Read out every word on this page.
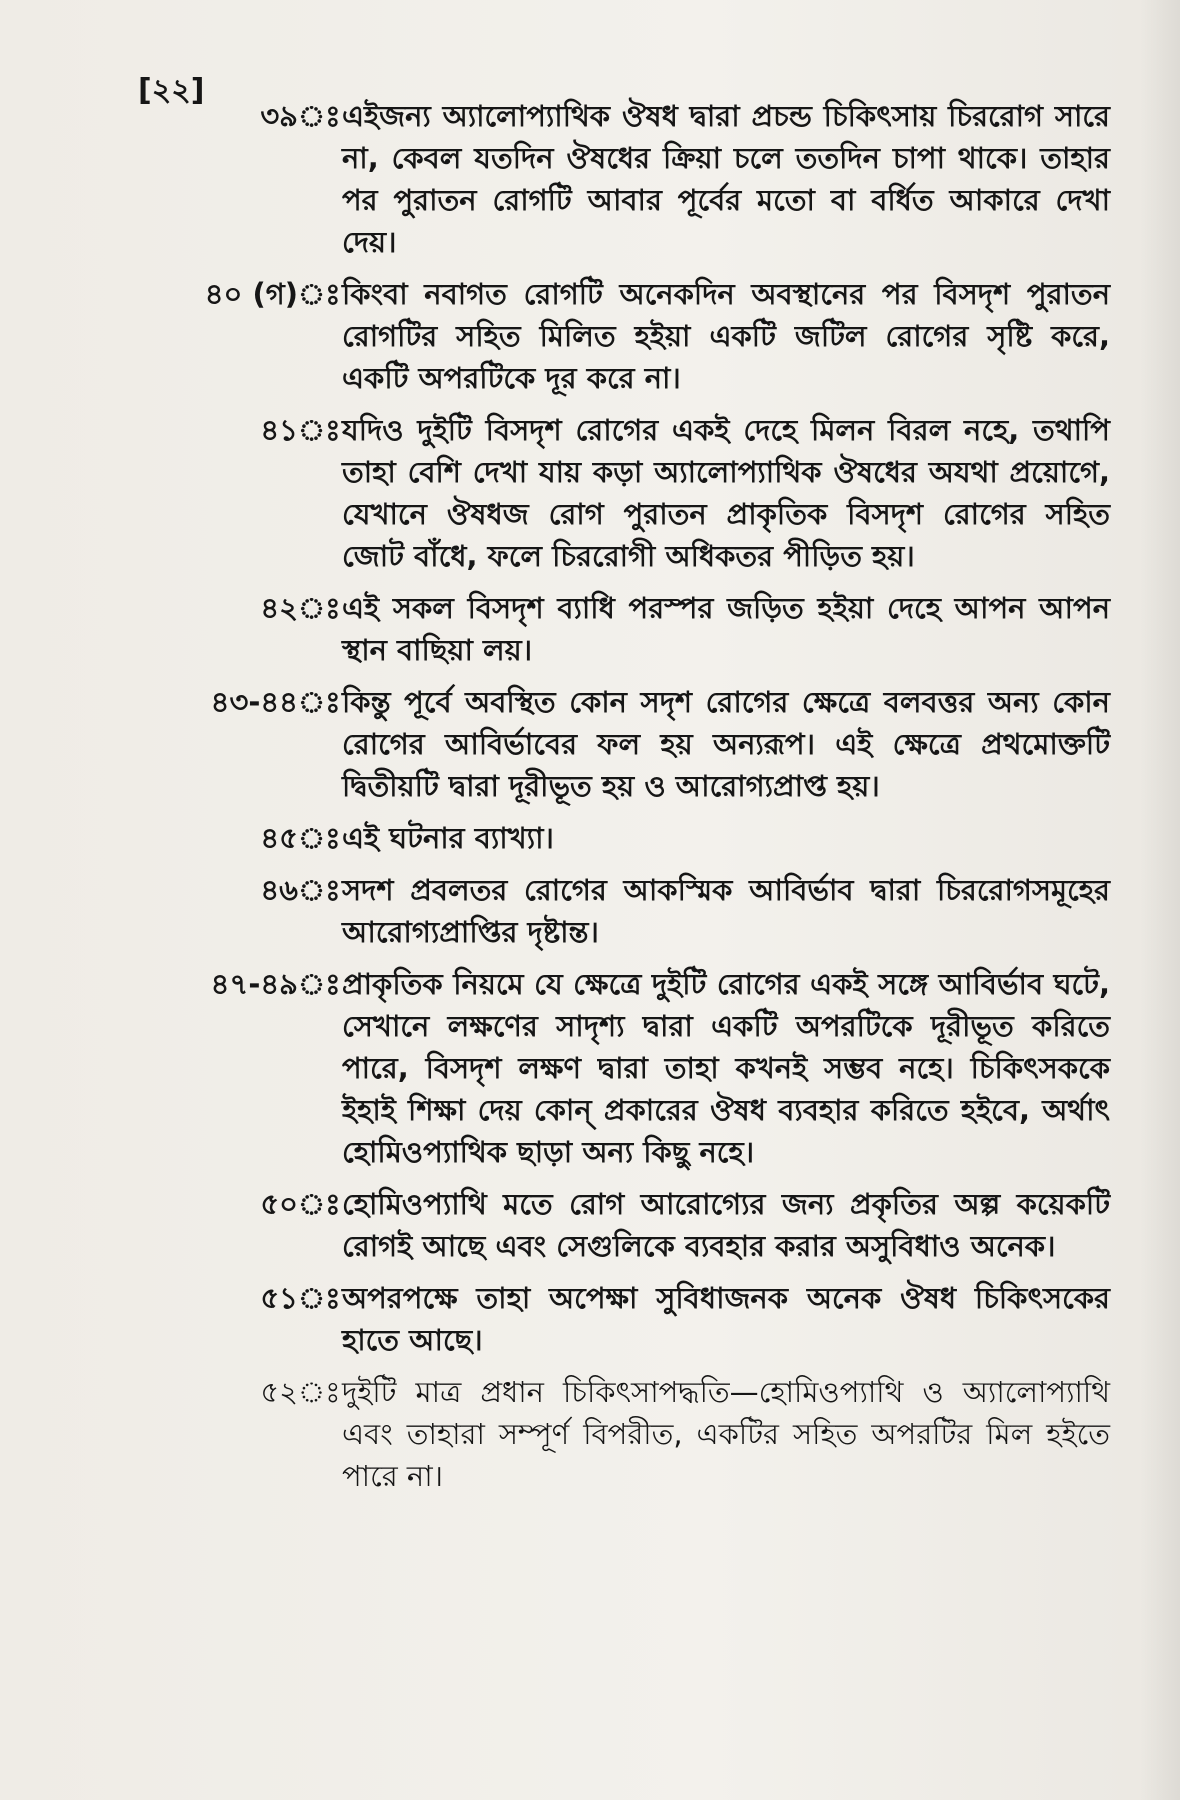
[২২]
৩৯ ঃ এইজন্য অ্যালোপ্যাথিক ঔষধ দ্বারা প্রচন্ড চিকিৎসায় চিররোগ সারে না, কেবল যতদিন ঔষধের ক্রিয়া চলে ততদিন চাপা থাকে। তাহার পর পুরাতন রোগটি আবার পূর্বের মতো বা বর্ধিত আকারে দেখা দেয়।
৪০ (গ) ঃ কিংবা নবাগত রোগটি অনেকদিন অবস্থানের পর বিসদৃশ পুরাতন রোগটির সহিত মিলিত হইয়া একটি জটিল রোগের সৃষ্টি করে, একটি অপরটিকে দূর করে না।
৪১ ঃ যদিও দুইটি বিসদৃশ রোগের একই দেহে মিলন বিরল নহে, তথাপি তাহা বেশি দেখা যায় কড়া অ্যালোপ্যাথিক ঔষধের অযথা প্রয়োগে, যেখানে ঔষধজ রোগ পুরাতন প্রাকৃতিক বিসদৃশ রোগের সহিত জোট বাঁধে, ফলে চিররোগী অধিকতর পীড়িত হয়।
৪২ ঃ এই সকল বিসদৃশ ব্যাধি পরস্পর জড়িত হইয়া দেহে আপন আপন স্থান বাছিয়া লয়।
৪৩-৪৪ ঃ কিন্তু পূর্বে অবস্থিত কোন সদৃশ রোগের ক্ষেত্রে বলবত্তর অন্য কোন রোগের আবির্ভাবের ফল হয় অন্যরূপ। এই ক্ষেত্রে প্রথমোক্তটি দ্বিতীয়টি দ্বারা দূরীভূত হয় ও আরোগ্যপ্রাপ্ত হয়।
৪৫ ঃ এই ঘটনার ব্যাখ্যা।
৪৬ ঃ সদশ প্রবলতর রোগের আকস্মিক আবির্ভাব দ্বারা চিররোগসমূহের আরোগ্যপ্রাপ্তির দৃষ্টান্ত।
৪৭-৪৯ ঃ প্রাকৃতিক নিয়মে যে ক্ষেত্রে দুইটি রোগের একই সঙ্গে আবির্ভাব ঘটে, সেখানে লক্ষণের সাদৃশ্য দ্বারা একটি অপরটিকে দূরীভূত করিতে পারে, বিসদৃশ লক্ষণ দ্বারা তাহা কখনই সম্ভব নহে। চিকিৎসককে ইহাই শিক্ষা দেয় কোন্ প্রকারের ঔষধ ব্যবহার করিতে হইবে, অর্থাৎ হোমিওপ্যাথিক ছাড়া অন্য কিছু নহে।
৫০ ঃ হোমিওপ্যাথি মতে রোগ আরোগ্যের জন্য প্রকৃতির অল্প কয়েকটি রোগই আছে এবং সেগুলিকে ব্যবহার করার অসুবিধাও অনেক।
৫১ ঃ অপরপক্ষে তাহা অপেক্ষা সুবিধাজনক অনেক ঔষধ চিকিৎসকের হাতে আছে।
৫২ ঃ দুইটি মাত্র প্রধান চিকিৎসাপদ্ধতি—হোমিওপ্যাথি ও অ্যালোপ্যাথি এবং তাহারা সম্পূর্ণ বিপরীত, একটির সহিত অপরটির মিল হইতে পারে না।
